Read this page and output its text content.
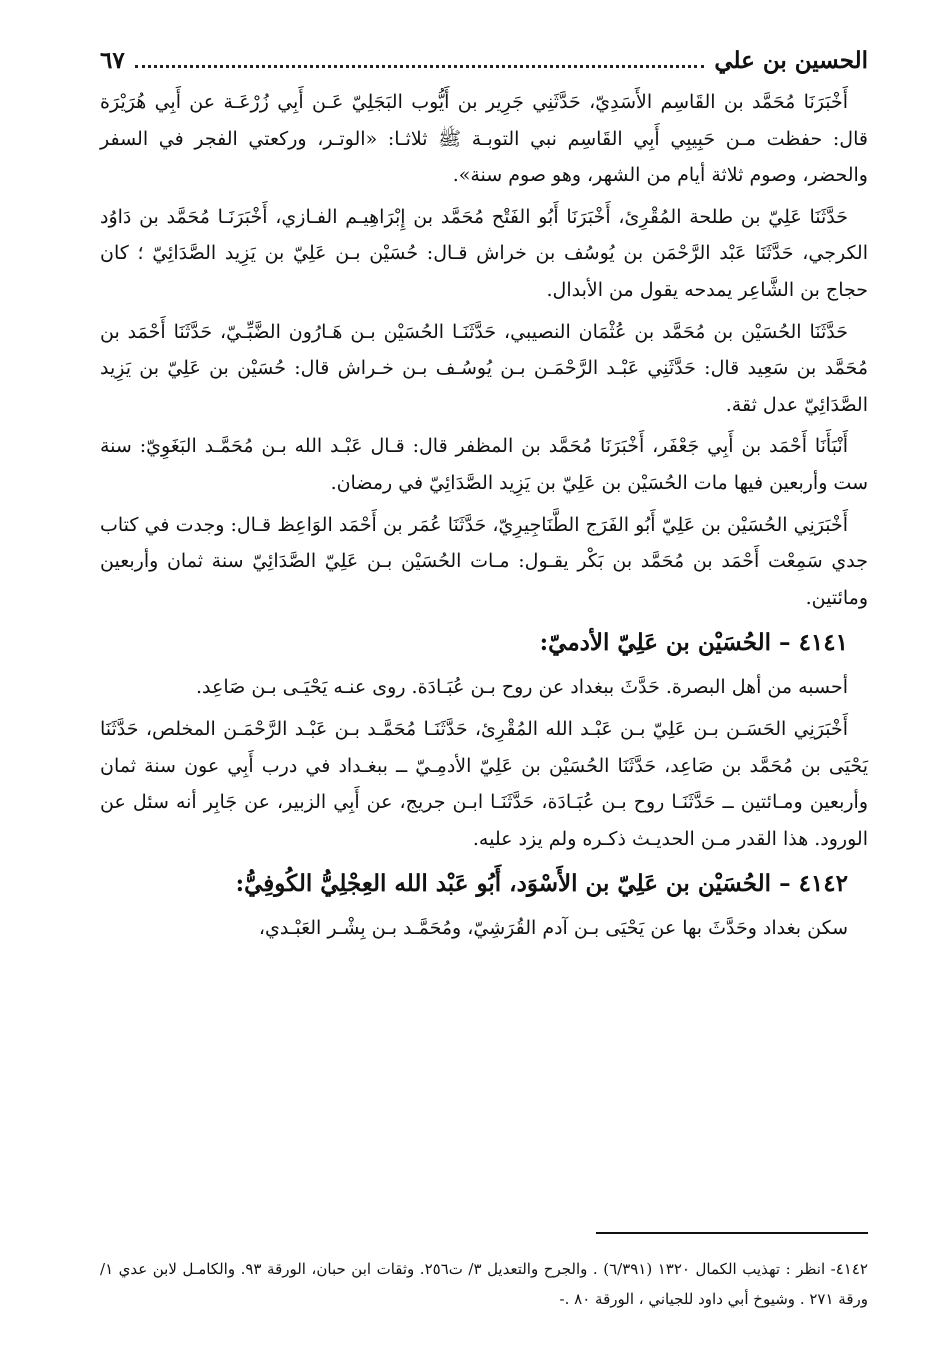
الحسين بن علي
٦٧

أَخْبَرَنَا مُحَمَّد بن القَاسِم الأَسَدِيّ، حَدَّثَنِي جَرِير بن أَيُّوب البَجَلِيّ عَـن أَبِي زُرْعَـة عن أَبِي هُرَيْرَة قال: حفظت مـن حَبِيبِي أَبِي القَاسِم نبي التوبـة ﷺ ثلاثـا: «الوتـر، وركعتي الفجر في السفر والحضر، وصوم ثلاثة أيام من الشهر، وهو صوم سنة».

حَدَّثَنَا عَلِيّ بن طلحة المُقْرِئ، أَخْبَرَنَا أَبُو الفَتْح مُحَمَّد بن إِبْرَاهِيـم الفـازي، أَخْبَرَنَـا مُحَمَّد بن دَاوُد الكرجي، حَدَّثَنَا عَبْد الرَّحْمَن بن يُوسُف بن خراش قـال: حُسَيْن بـن عَلِيّ بن يَزِيد الصَّدَائِيّ ؛ كان حجاج بن الشَّاعِر يمدحه يقول من الأبدال.

حَدَّثَنَا الحُسَيْن بن مُحَمَّد بن عُثْمَان النصيبي، حَدَّثَنَـا الحُسَيْن بـن هَـارُون الضَّبِّـيّ، حَدَّثَنَا أَحْمَد بن مُحَمَّد بن سَعِيد قال: حَدَّثَنِي عَبْـد الرَّحْمَـن بـن يُوسُـف بـن خـراش قال: حُسَيْن بن عَلِيّ بن يَزِيد الصَّدَائِيّ عدل ثقة.

أَنْبَأَنَا أَحْمَد بن أَبِي جَعْفَر، أَخْبَرَنَا مُحَمَّد بن المظفر قال: قـال عَبْـد الله بـن مُحَمَّـد البَغَوِيّ: سنة ست وأربعين فيها مات الحُسَيْن بن عَلِيّ بن يَزِيد الصَّدَائِيّ في رمضان.

أَخْبَرَنِي الحُسَيْن بن عَلِيّ أَبُو الفَرَج الطَّنَاجِيرِيّ، حَدَّثَنَا عُمَر بن أَحْمَد الوَاعِظ قـال: وجدت في كتاب جدي سَمِعْت أَحْمَد بن مُحَمَّد بن بَكْر يقـول: مـات الحُسَيْن بـن عَلِيّ الصَّدَائِيّ سنة ثمان وأربعين ومائتين.

٤١٤١ – الحُسَيْن بن عَلِيّ الأدميّ:

أحسبه من أهل البصرة. حَدَّثَ ببغداد عن روح بـن عُبَـادَة. روى عنـه يَحْيَـى بـن صَاعِد.

أَخْبَرَنِي الحَسَـن بـن عَلِيّ بـن عَبْـد الله المُقْرِئ، حَدَّثَنَـا مُحَمَّـد بـن عَبْـد الرَّحْمَـن المخلص، حَدَّثَنَا يَحْيَى بن مُحَمَّد بن صَاعِد، حَدَّثَنَا الحُسَيْن بن عَلِيّ الأدمِـيّ ــ ببغـداد في درب أَبِي عون سنة ثمان وأربعين ومـائتين ــ حَدَّثَنَـا روح بـن عُبَـادَة، حَدَّثَنَـا ابـن جريج، عن أَبِي الزبير، عن جَابِر أنه سئل عن الورود. هذا القدر مـن الحديـث ذكـره ولم يزد عليه.

٤١٤٢ – الحُسَيْن بن عَلِيّ بن الأَسْوَد، أَبُو عَبْد الله العِجْلِيُّ الكُوفِيُّ:

سكن بغداد وحَدَّثَ بها عن يَحْيَى بـن آدم القُرَشِيّ، ومُحَمَّـد بـن بِشْـر العَبْـدي،

٤١٤٢- انظر : تهذيب الكمال ١٣٢٠ (٦/٣٩١) . والجرح والتعديل ٣/ ت٢٥٦. وثقات ابن حبان، الورقة ٩٣. والكامـل لابن عدي ١/ ورقة ٢٧١ . وشيوخ أبي داود للجياني ، الورقة ٨٠ .-
